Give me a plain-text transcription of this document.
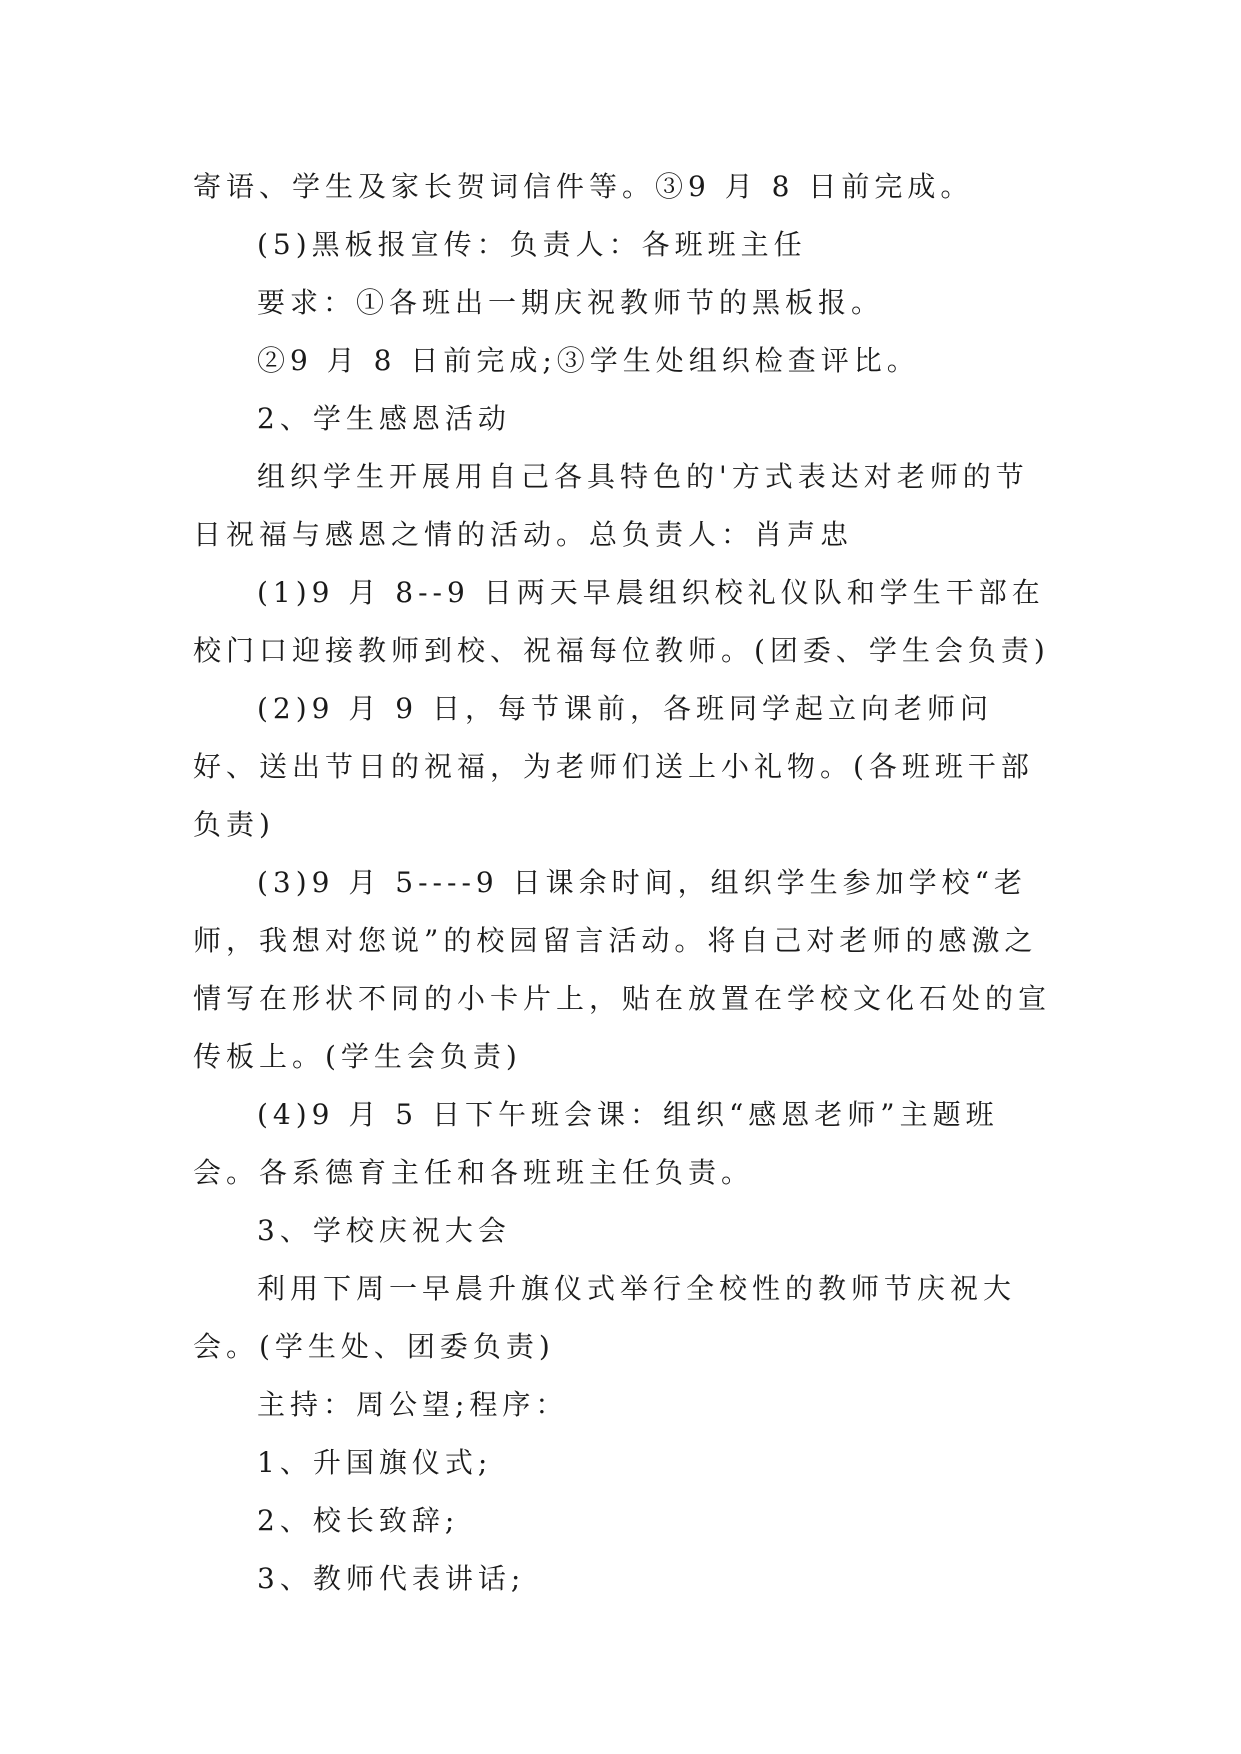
寄语、学生及家长贺词信件等。③9 月 8 日前完成。

(5)黑板报宣传：负责人：各班班主任

要求：①各班出一期庆祝教师节的黑板报。

②9 月 8 日前完成;③学生处组织检查评比。

2、学生感恩活动

组织学生开展用自己各具特色的'方式表达对老师的节日祝福与感恩之情的活动。总负责人：肖声忠

(1)9 月 8--9 日两天早晨组织校礼仪队和学生干部在校门口迎接教师到校、祝福每位教师。(团委、学生会负责)

(2)9 月 9 日，每节课前，各班同学起立向老师问好、送出节日的祝福，为老师们送上小礼物。(各班班干部负责)

(3)9 月 5----9 日课余时间，组织学生参加学校“老师，我想对您说”的校园留言活动。将自己对老师的感激之情写在形状不同的小卡片上，贴在放置在学校文化石处的宣传板上。(学生会负责)

(4)9 月 5 日下午班会课：组织“感恩老师”主题班会。各系德育主任和各班班主任负责。

3、学校庆祝大会

利用下周一早晨升旗仪式举行全校性的教师节庆祝大会。(学生处、团委负责)

主持：周公望;程序：

1、升国旗仪式;

2、校长致辞;

3、教师代表讲话;
